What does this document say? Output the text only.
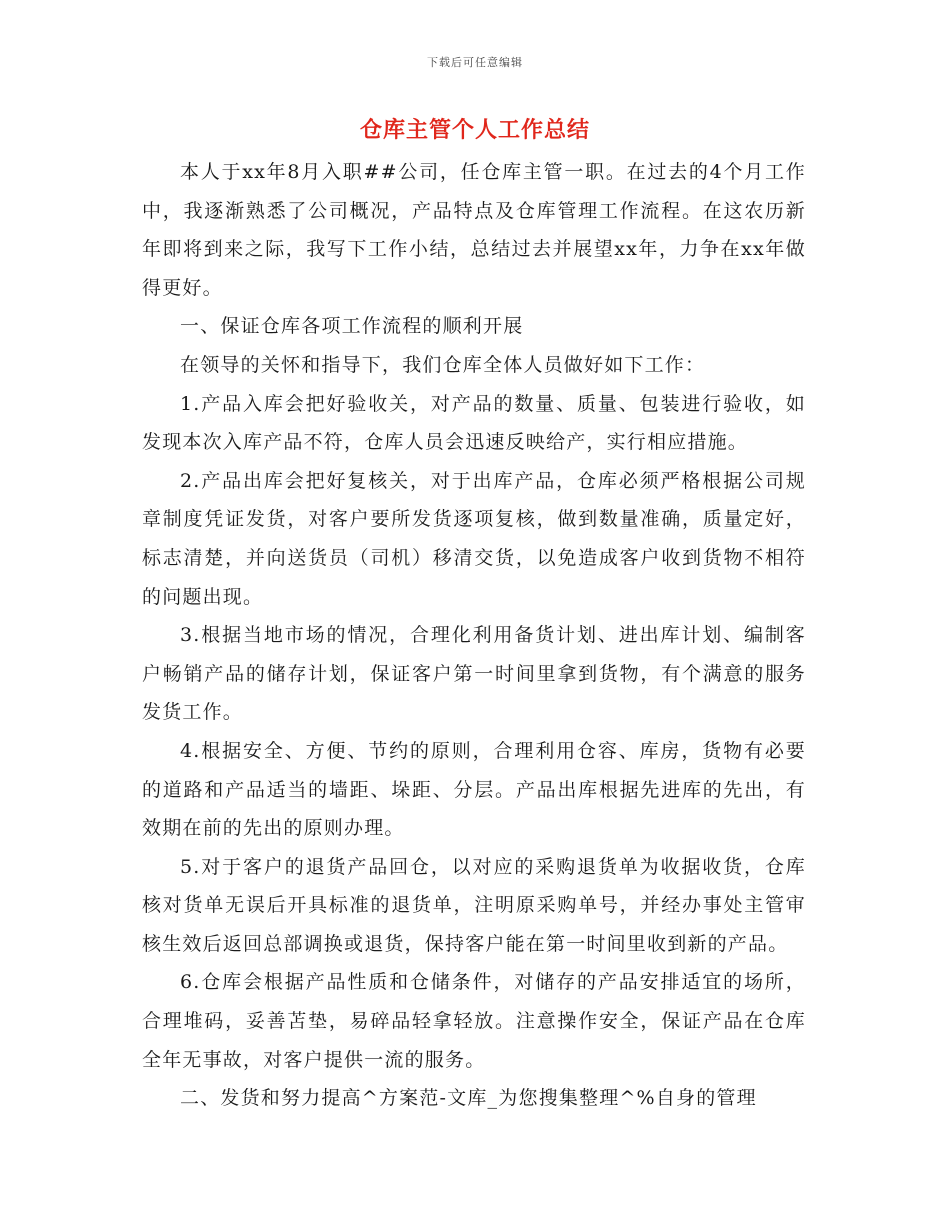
下载后可任意编辑
仓库主管个人工作总结

本人于xx年8月入职##公司，任仓库主管一职。在过去的4个月工作中，我逐渐熟悉了公司概况，产品特点及仓库管理工作流程。在这农历新年即将到来之际，我写下工作小结，总结过去并展望xx年，力争在xx年做得更好。

一、保证仓库各项工作流程的顺利开展

在领导的关怀和指导下，我们仓库全体人员做好如下工作：

1.产品入库会把好验收关，对产品的数量、质量、包装进行验收，如发现本次入库产品不符，仓库人员会迅速反映给产，实行相应措施。

2.产品出库会把好复核关，对于出库产品，仓库必须严格根据公司规章制度凭证发货，对客户要所发货逐项复核，做到数量准确，质量定好，标志清楚，并向送货员（司机）移清交货，以免造成客户收到货物不相符的问题出现。

3.根据当地市场的情况，合理化利用备货计划、进出库计划、编制客户畅销产品的储存计划，保证客户第一时间里拿到货物，有个满意的服务发货工作。

4.根据安全、方便、节约的原则，合理利用仓容、库房，货物有必要的道路和产品适当的墙距、垛距、分层。产品出库根据先进库的先出，有效期在前的先出的原则办理。

5.对于客户的退货产品回仓，以对应的采购退货单为收据收货，仓库核对货单无误后开具标准的退货单，注明原采购单号，并经办事处主管审核生效后返回总部调换或退货，保持客户能在第一时间里收到新的产品。

6.仓库会根据产品性质和仓储条件，对储存的产品安排适宜的场所，合理堆码，妥善苫垫，易碎品轻拿轻放。注意操作安全，保证产品在仓库全年无事故，对客户提供一流的服务。

二、发货和努力提高^方案范-文库_为您搜集整理^%自身的管理
